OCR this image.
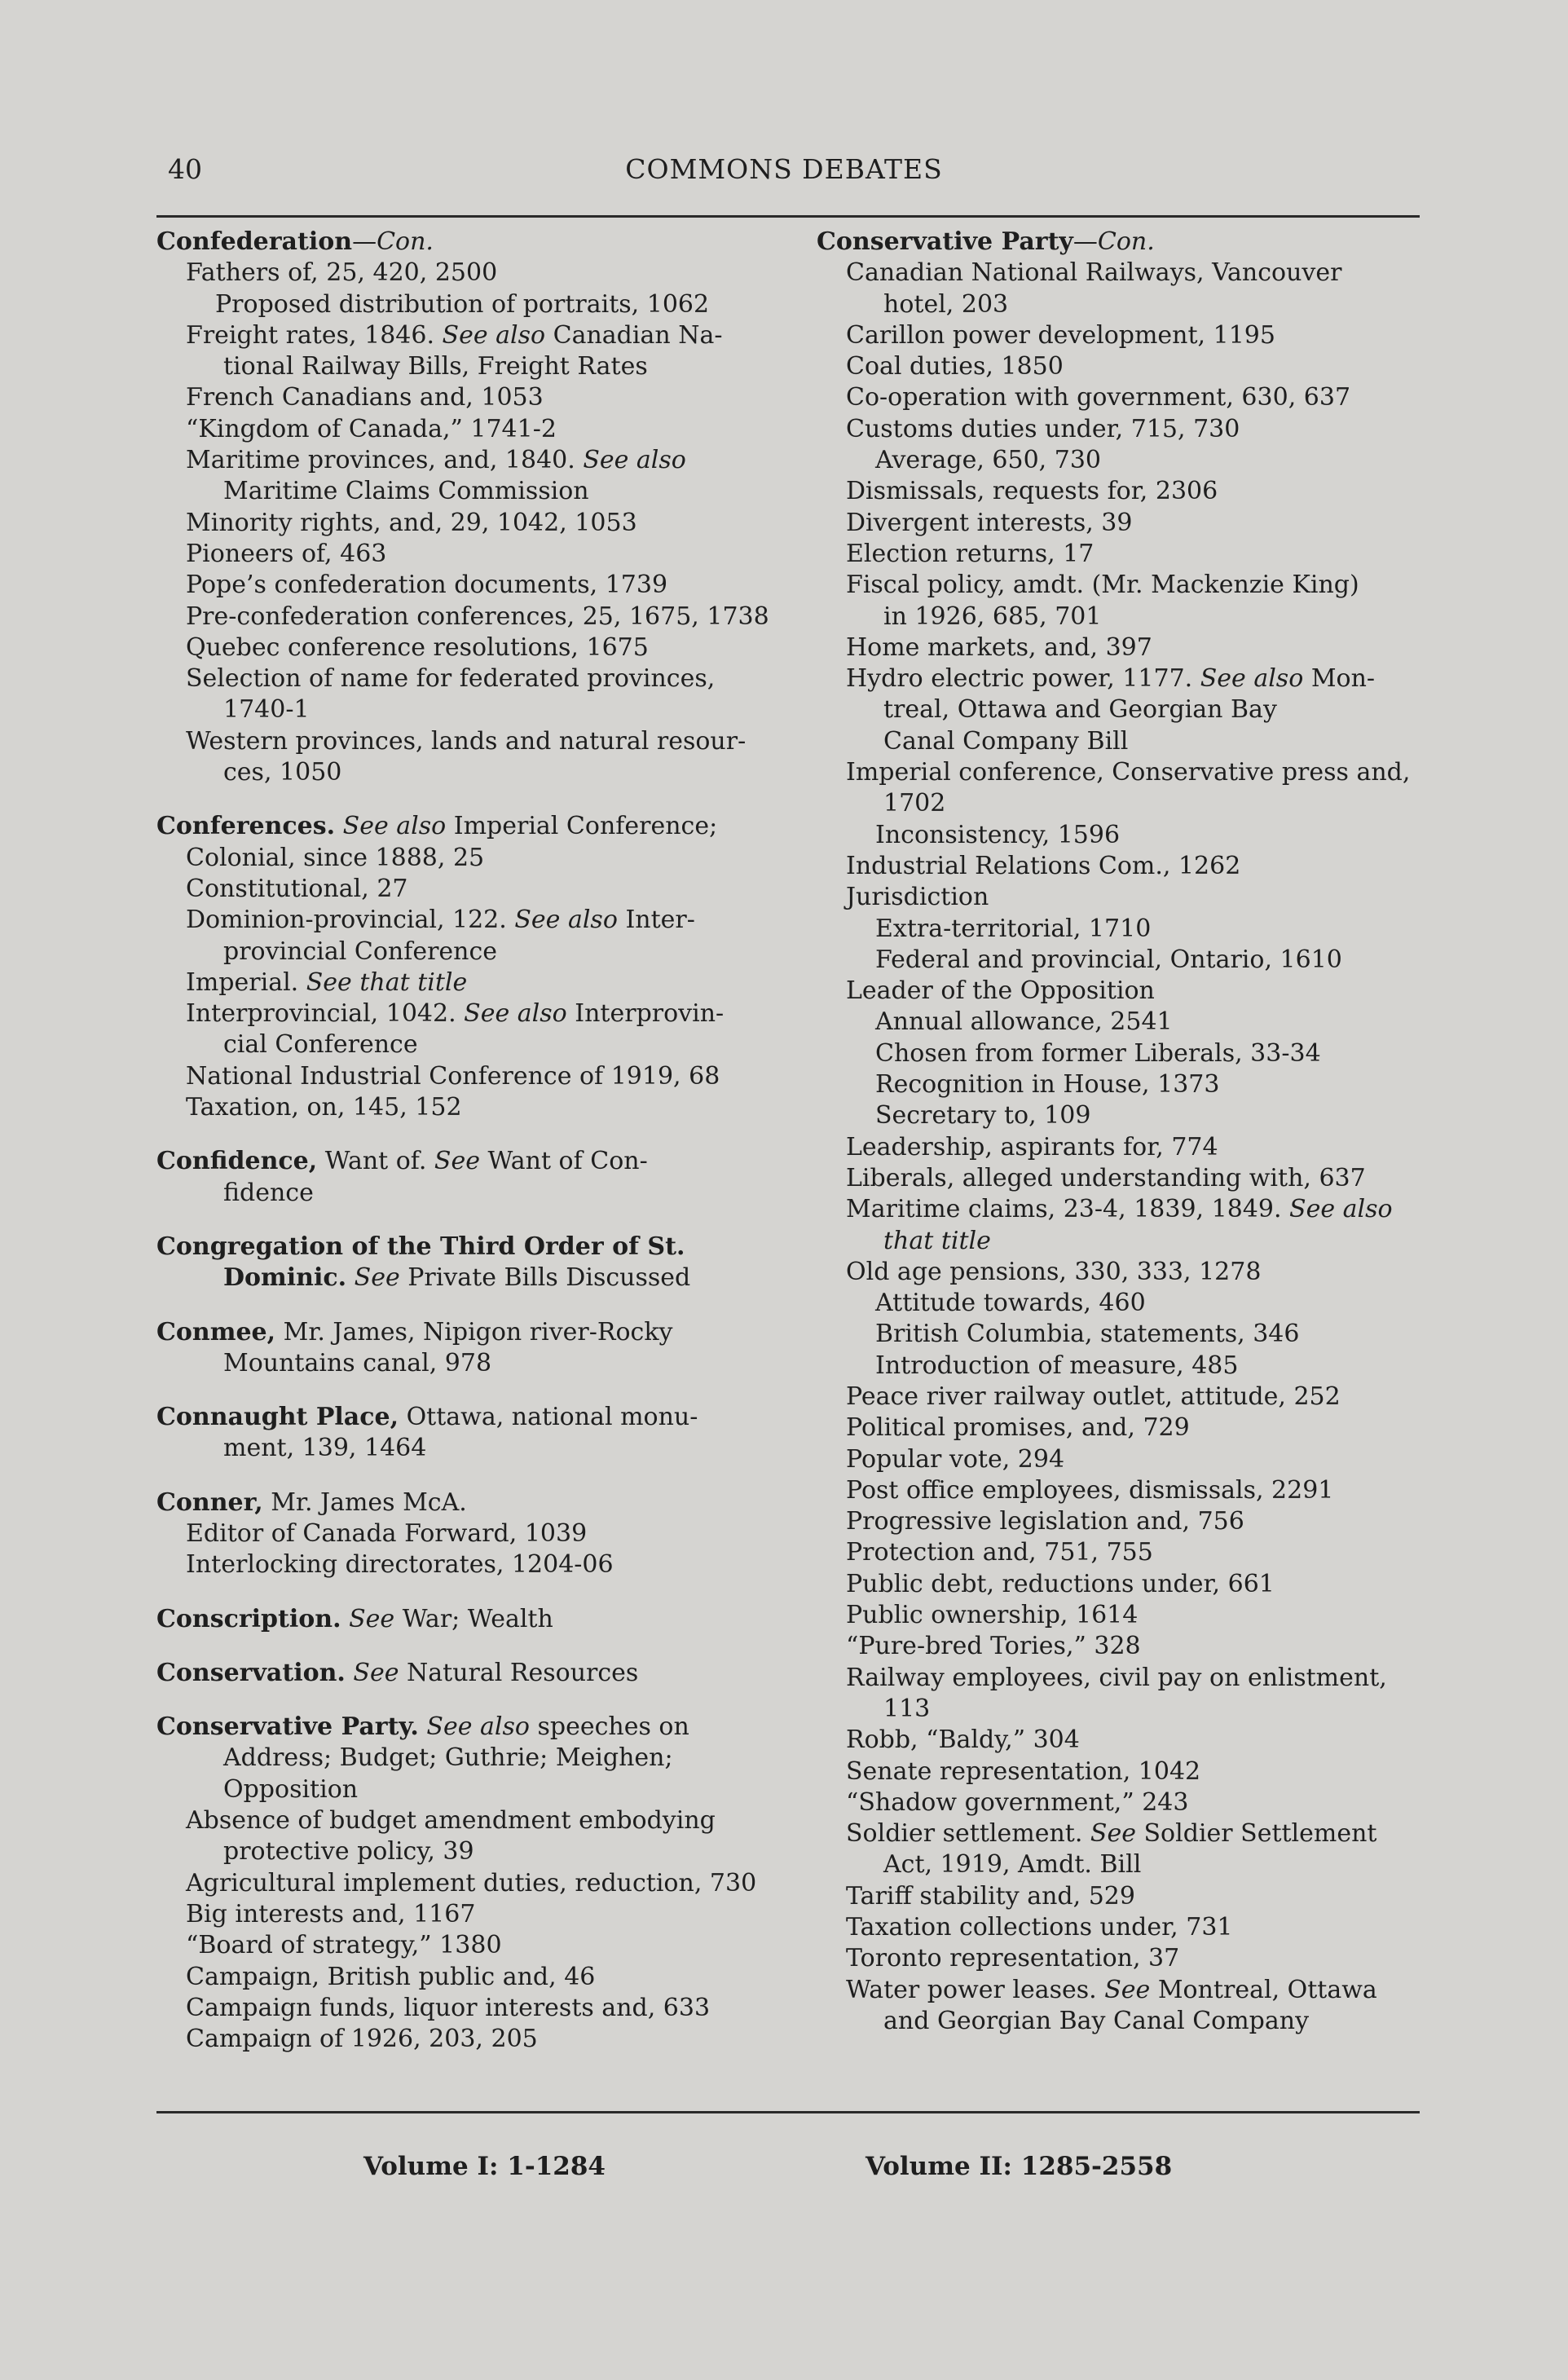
40	COMMONS DEBATES
Confederation—Con.
Fathers of, 25, 420, 2500
Proposed distribution of portraits, 1062
Freight rates, 1846. See also Canadian Na-
tional Railway Bills, Freight Rates
French Canadians and, 1053
“Kingdom of Canada,” 1741-2
Maritime provinces, and, 1840. See also
Maritime Claims Commission
Minority rights, and, 29, 1042, 1053
Pioneers of, 463
Pope’s confederation documents, 1739
Pre-confederation conferences, 25, 1675, 1738
Quebec conference resolutions, 1675
Selection of name for federated provinces,
1740-1
Western provinces, lands and natural resour-
ces, 1050
Conferences. See also Imperial Conference;
Colonial, since 1888, 25
Constitutional, 27
Dominion-provincial, 122. See also Inter-
provincial Conference
Imperial. See that title
Interprovincial, 1042. See also Interprovin-
cial Conference
National Industrial Conference of 1919, 68
Taxation, on, 145, 152
Confidence, Want of. See Want of Con-
fidence
Congregation of the Third Order of St.
Dominic. See Private Bills Discussed
Conmee, Mr. James, Nipigon river-Rocky
Mountains canal, 978
Connaught Place, Ottawa, national monu-
ment, 139, 1464
Conner, Mr. James McA.
Editor of Canada Forward, 1039
Interlocking directorates, 1204-06
Conscription. See War; Wealth
Conservation. See Natural Resources
Conservative Party. See also speeches on
Address; Budget; Guthrie; Meighen;
Opposition
Absence of budget amendment embodying
protective policy, 39
Agricultural implement duties, reduction, 730
Big interests and, 1167
“Board of strategy,” 1380
Campaign, British public and, 46
Campaign funds, liquor interests and, 633
Campaign of 1926, 203, 205
Conservative Party—Con.
Canadian National Railways, Vancouver
hotel, 203
Carillon power development, 1195
Coal duties, 1850
Co-operation with government, 630, 637
Customs duties under, 715, 730
Average, 650, 730
Dismissals, requests for, 2306
Divergent interests, 39
Election returns, 17
Fiscal policy, amdt. (Mr. Mackenzie King)
in 1926, 685, 701
Home markets, and, 397
Hydro electric power, 1177. See also Mon-
treal, Ottawa and Georgian Bay
Canal Company Bill
Imperial conference, Conservative press and,
1702
Inconsistency, 1596
Industrial Relations Com., 1262
Jurisdiction
Extra-territorial, 1710
Federal and provincial, Ontario, 1610
Leader of the Opposition
Annual allowance, 2541
Chosen from former Liberals, 33-34
Recognition in House, 1373
Secretary to, 109
Leadership, aspirants for, 774
Liberals, alleged understanding with, 637
Maritime claims, 23-4, 1839, 1849. See also
that title
Old age pensions, 330, 333, 1278
Attitude towards, 460
British Columbia, statements, 346
Introduction of measure, 485
Peace river railway outlet, attitude, 252
Political promises, and, 729
Popular vote, 294
Post office employees, dismissals, 2291
Progressive legislation and, 756
Protection and, 751, 755
Public debt, reductions under, 661
Public ownership, 1614
“Pure-bred Tories,” 328
Railway employees, civil pay on enlistment,
113
Robb, “Baldy,” 304
Senate representation, 1042
“Shadow government,” 243
Soldier settlement. See Soldier Settlement
Act, 1919, Amdt. Bill
Tariff stability and, 529
Taxation collections under, 731
Toronto representation, 37
Water power leases. See Montreal, Ottawa
and Georgian Bay Canal Company
Volume I: 1-1284	Volume II: 1285-2558
